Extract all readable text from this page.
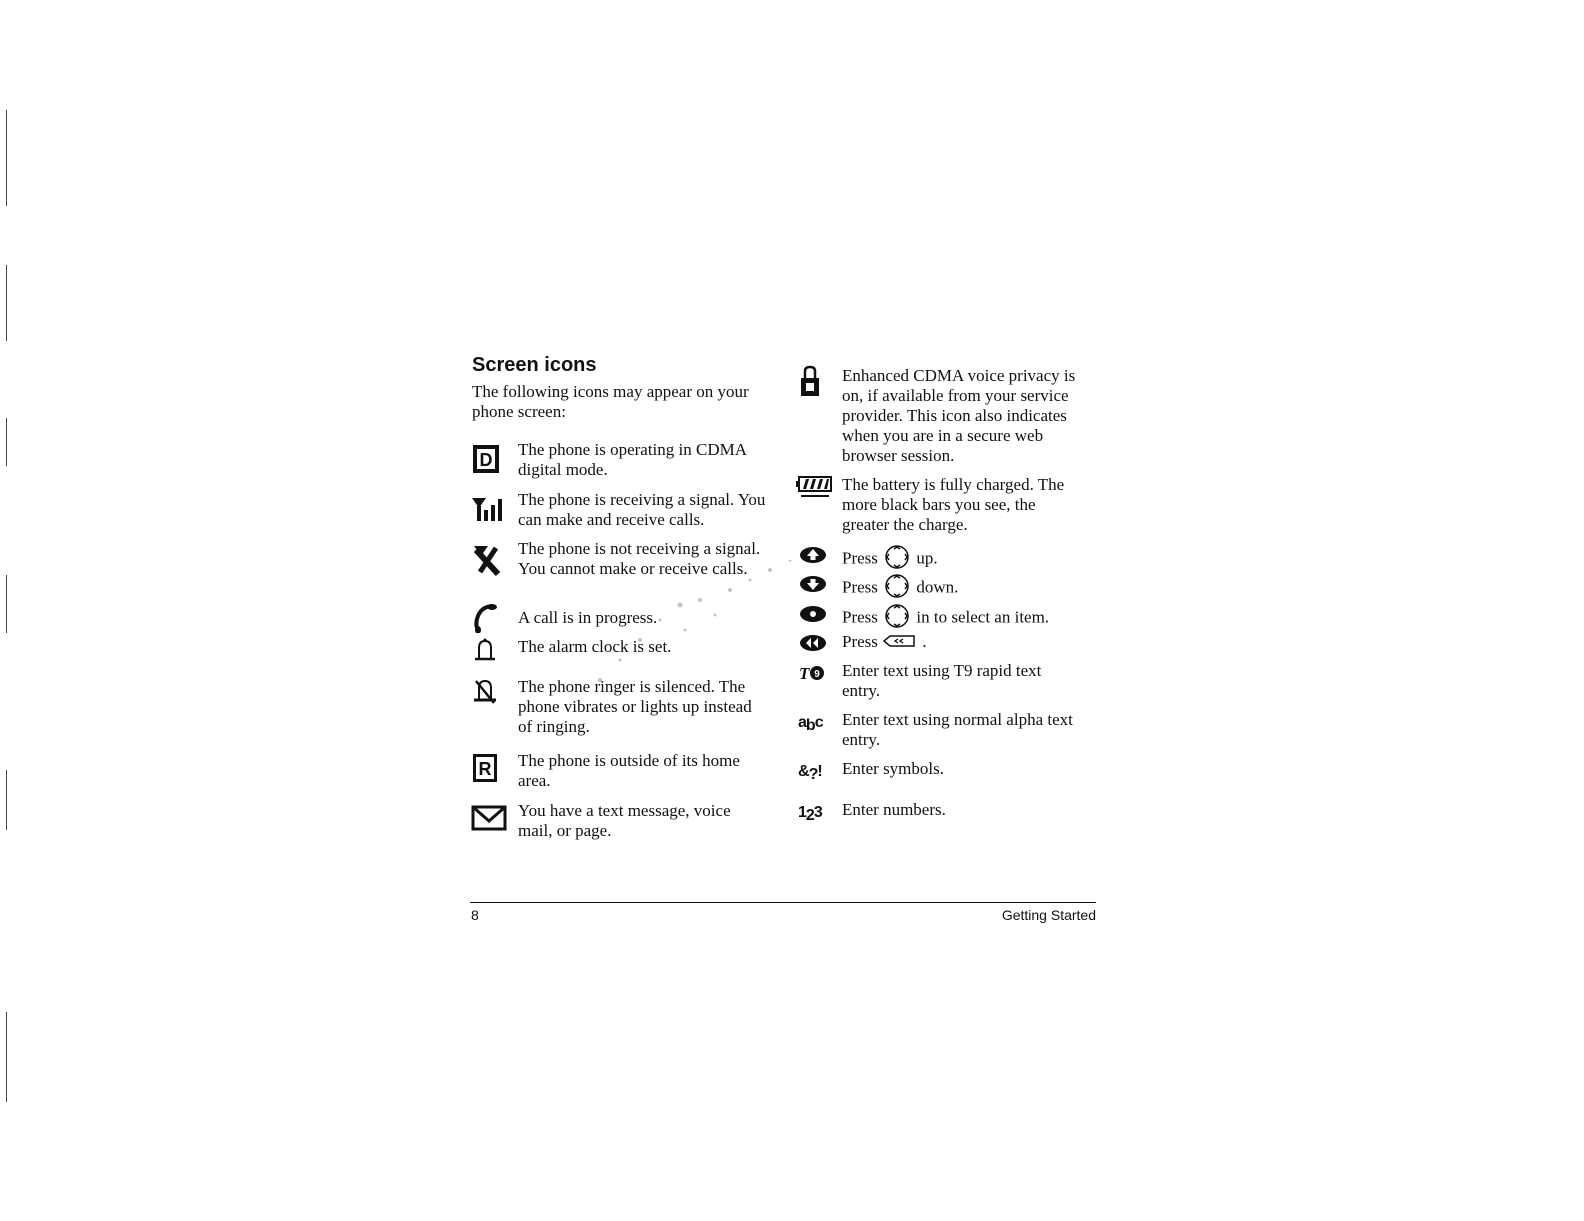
Screen icons

The following icons may appear on your phone screen:

D
The phone is operating in CDMA digital mode.
The phone is receiving a signal. You can make and receive calls.
The phone is not receiving a signal. You cannot make or receive calls.
A call is in progress.
The alarm clock is set.
The phone ringer is silenced. The phone vibrates or lights up instead of ringing.
R The phone is outside of its home area.
You have a text message, voice mail, or page.
Enhanced CDMA voice privacy is on, if available from your service provider. This icon also indicates when you are in a secure web browser session.
The battery is fully charged. The more black bars you see, the greater the charge.
Press up.
Press down.
Press in to select an item.
Press	.
T 9 Enter text using T9 rapid text entry.
a b c Enter text using normal alpha text entry.
& ? ! Enter symbols.
1 2 3 Enter numbers.
8	Getting Started
